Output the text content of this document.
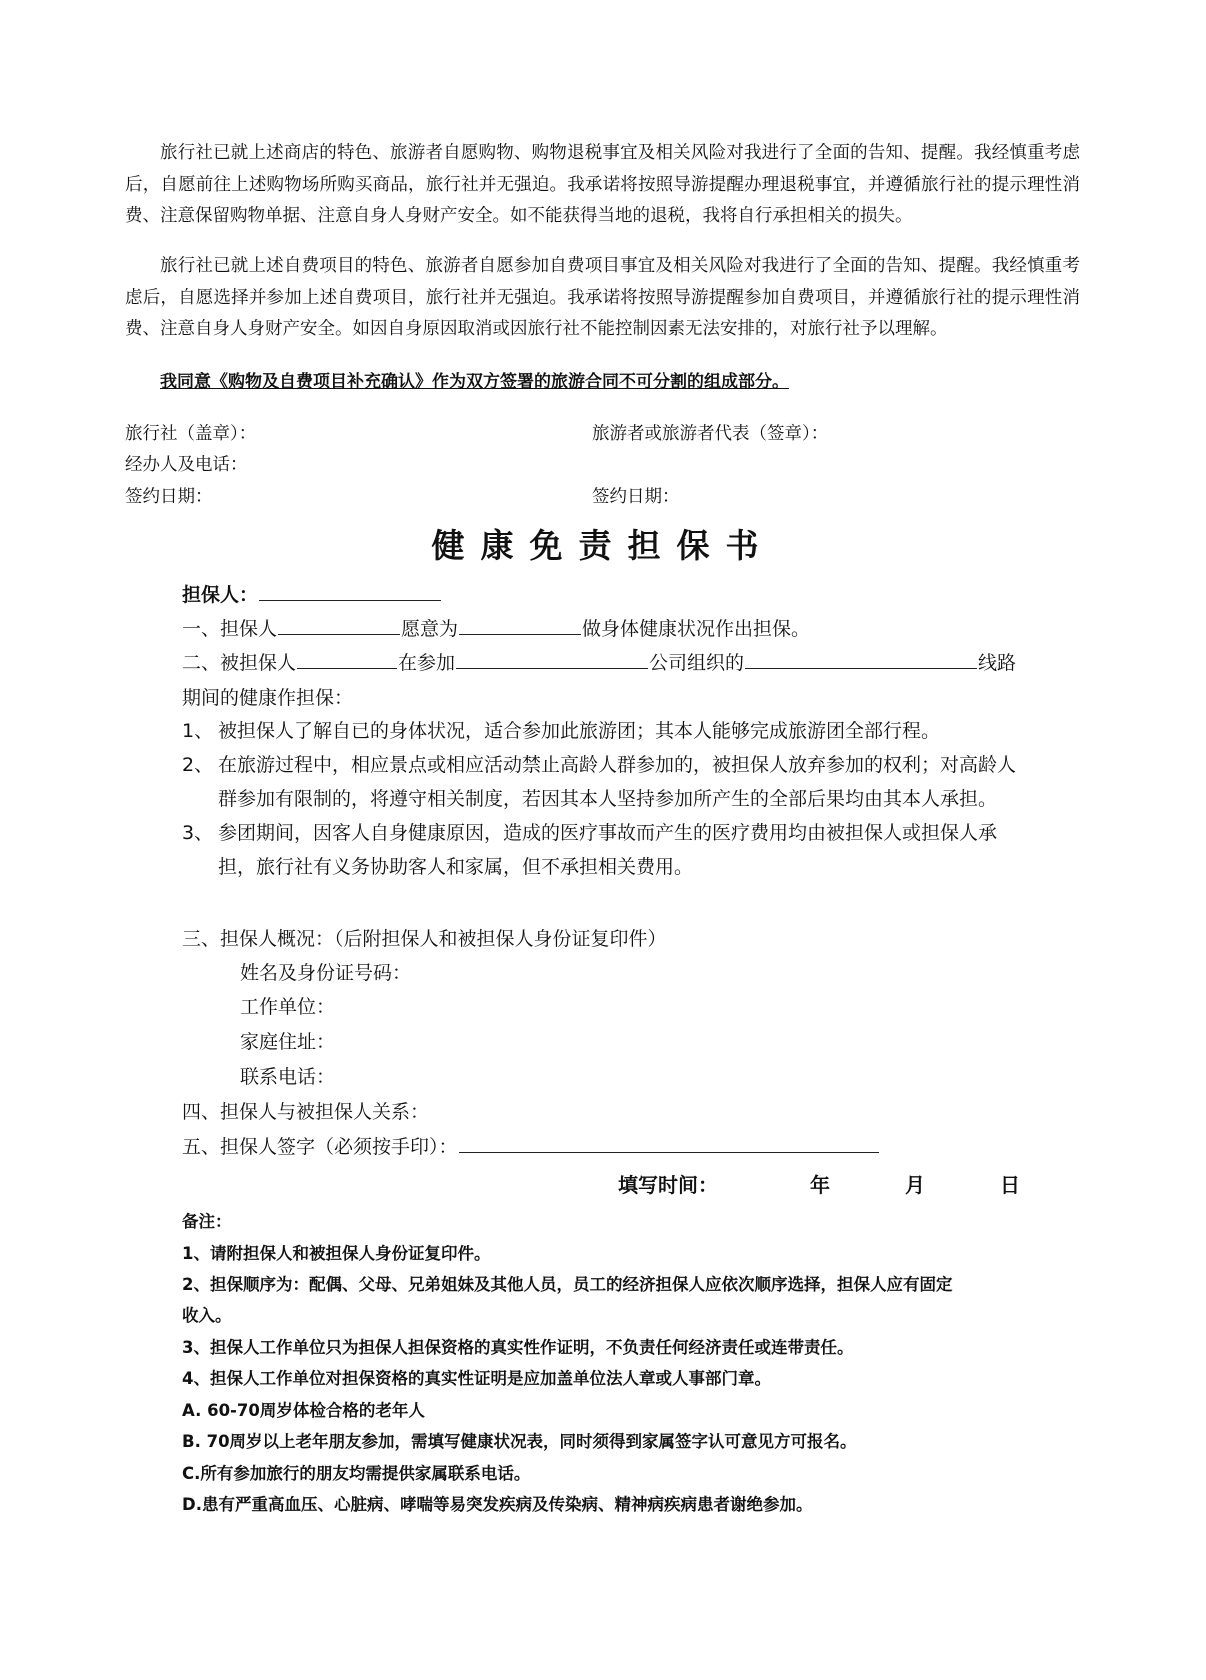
旅行社已就上述商店的特色、旅游者自愿购物、购物退税事宜及相关风险对我进行了全面的告知、提醒。我经慎重考虑后，自愿前往上述购物场所购买商品，旅行社并无强迫。我承诺将按照导游提醒办理退税事宜，并遵循旅行社的提示理性消费、注意保留购物单据、注意自身人身财产安全。如不能获得当地的退税，我将自行承担相关的损失。

旅行社已就上述自费项目的特色、旅游者自愿参加自费项目事宜及相关风险对我进行了全面的告知、提醒。我经慎重考虑后，自愿选择并参加上述自费项目，旅行社并无强迫。我承诺将按照导游提醒参加自费项目，并遵循旅行社的提示理性消费、注意自身人身财产安全。如因自身原因取消或因旅行社不能控制因素无法安排的，对旅行社予以理解。

我同意《购物及自费项目补充确认》作为双方签署的旅游合同不可分割的组成部分。

旅行社（盖章）：	旅游者或旅游者代表（签章）：

经办人及电话：

签约日期：	签约日期：

健康免责担保书

担保人：

一、担保人	愿意为	做身体健康状况作出担保。

二、被担保人	在参加	公司组织的	线路

期间的健康作担保：

1、 被担保人了解自已的身体状况，适合参加此旅游团；其本人能够完成旅游团全部行程。
2、 在旅游过程中，相应景点或相应活动禁止高龄人群参加的，被担保人放弃参加的权利；对高龄人群参加有限制的，将遵守相关制度，若因其本人坚持参加所产生的全部后果均由其本人承担。
3、 参团期间，因客人自身健康原因，造成的医疗事故而产生的医疗费用均由被担保人或担保人承担，旅行社有义务协助客人和家属，但不承担相关费用。

三、担保人概况：（后附担保人和被担保人身份证复印件）

姓名及身份证号码：

工作单位：

家庭住址：

联系电话：

四、担保人与被担保人关系：

五、担保人签字（必须按手印）：

填写时间：	年	月	日

备注：

1、请附担保人和被担保人身份证复印件。

2、担保顺序为：配偶、父母、兄弟姐妹及其他人员，员工的经济担保人应依次顺序选择，担保人应有固定

收入。

3、担保人工作单位只为担保人担保资格的真实性作证明，不负责任何经济责任或连带责任。

4、担保人工作单位对担保资格的真实性证明是应加盖单位法人章或人事部门章。

A. 60-70周岁体检合格的老年人

B. 70周岁以上老年朋友参加，需填写健康状况表，同时须得到家属签字认可意见方可报名。

C.所有参加旅行的朋友均需提供家属联系电话。

D.患有严重高血压、心脏病、哮喘等易突发疾病及传染病、精神病疾病患者谢绝参加。
